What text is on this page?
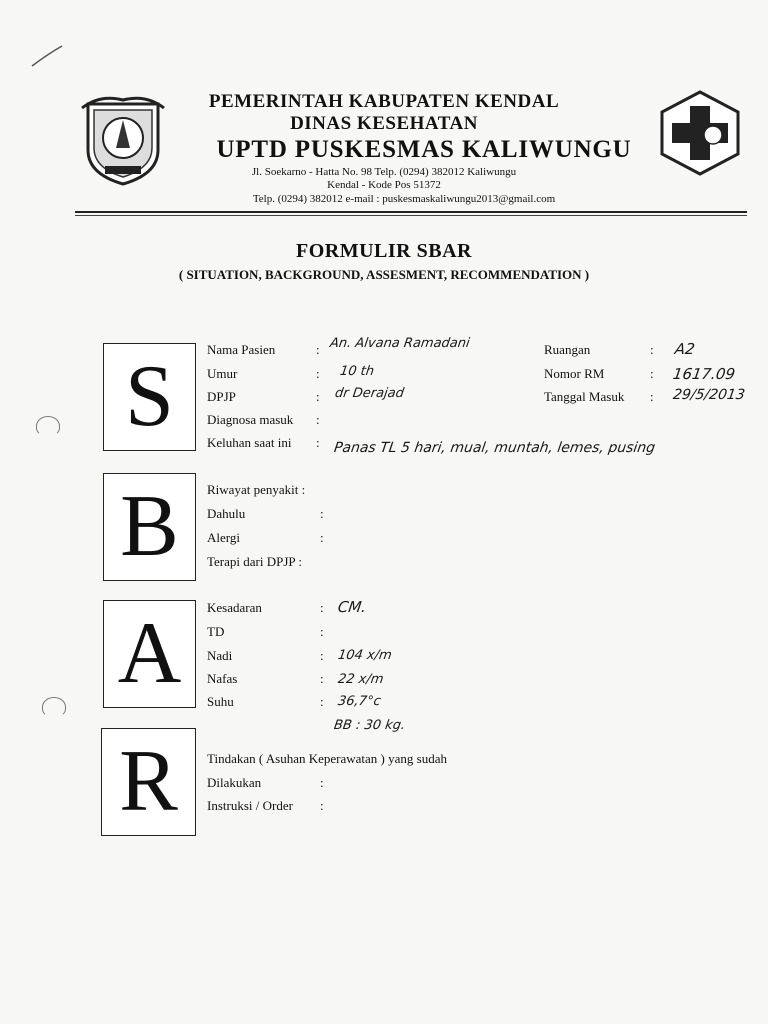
PEMERINTAH KABUPATEN KENDAL
DINAS KESEHATAN
UPTD PUSKESMAS KALIWUNGU
Jl. Soekarno - Hatta No. 98 Telp. (0294) 382012 Kaliwungu
Kendal - Kode Pos 51372
Telp. (0294) 382012 e-mail : puskesmaskaliwungu2013@gmail.com
FORMULIR SBAR
( SITUATION, BACKGROUND, ASSESMENT, RECOMMENDATION )
S	Nama Pasien	: An. Alvana Ramadani
Umur	: 10 th
DPJP	: dr Derajad
Diagnosa masuk :
Keluhan saat ini : Panas TL 5 hari, mual, muntah, lemes, pusing
Ruangan	: A2
Nomor RM	: 1617.09
Tanggal Masuk : 29/5/2013
B	Riwayat penyakit :
Dahulu	:
Alergi	:
Terapi dari DPJP :
A	Kesadaran	: CM.
TD	:
Nadi	: 104 x/m
Nafas	: 22 x/m
Suhu	: 36,7°c
BB : 30 kg.
R	Tindakan ( Asuhan Keperawatan ) yang sudah
Dilakukan	:
Instruksi / Order :
